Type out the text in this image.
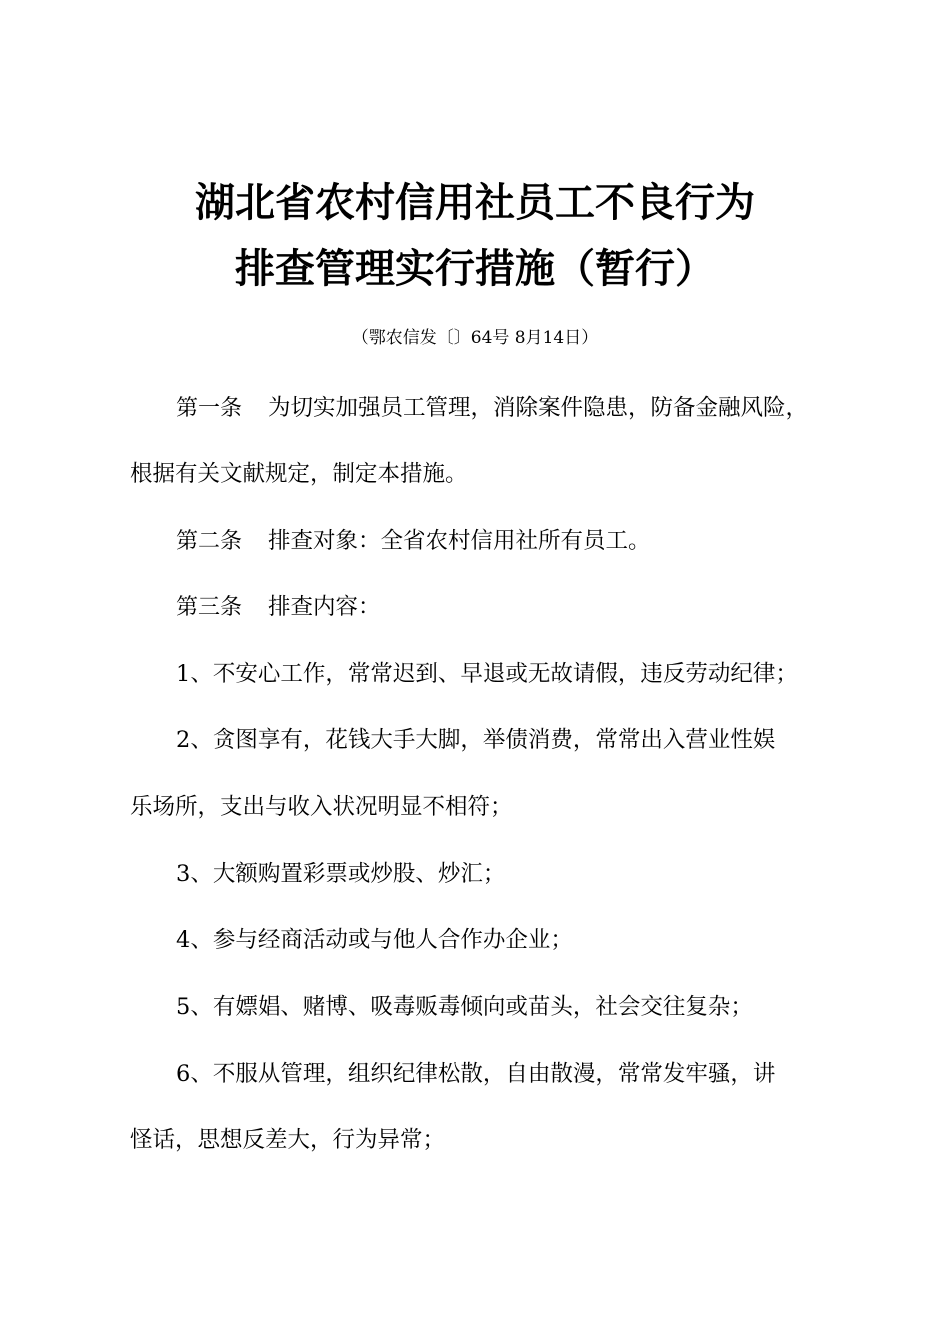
湖北省农村信用社员工不良行为
排查管理实行措施（暂行）
（鄂农信发〔〕64号 8月14日）
第一条 为切实加强员工管理，消除案件隐患，防备金融风险，
根据有关文献规定，制定本措施。
第二条 排查对象：全省农村信用社所有员工。
第三条 排查内容：
1、不安心工作，常常迟到、早退或无故请假，违反劳动纪律；
2、贪图享有，花钱大手大脚，举债消费，常常出入营业性娱
乐场所，支出与收入状况明显不相符；
3、大额购置彩票或炒股、炒汇；
4、参与经商活动或与他人合作办企业；
5、有嫖娼、赌博、吸毒贩毒倾向或苗头，社会交往复杂；
6、不服从管理，组织纪律松散，自由散漫，常常发牢骚，讲
怪话，思想反差大，行为异常；
